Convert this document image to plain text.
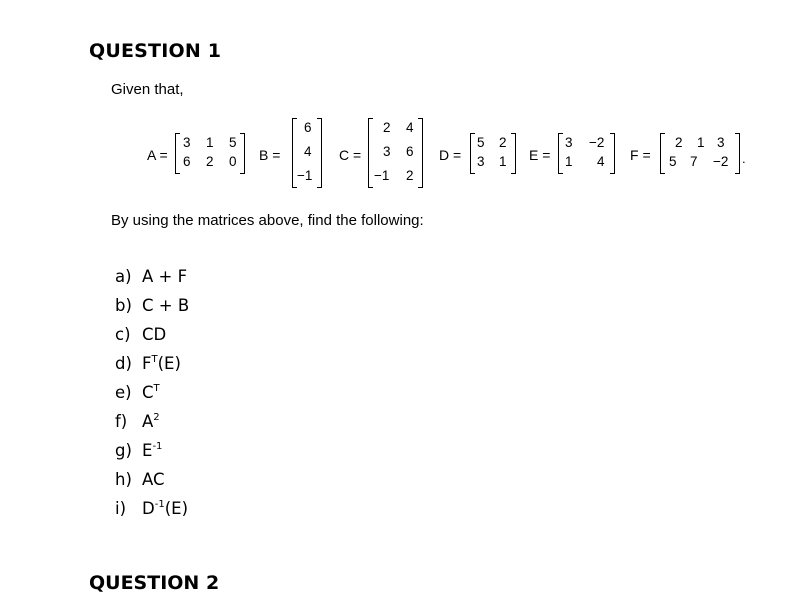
QUESTION 1
Given that,
A =
3 1 5
6 2 0 B =
6
4
−1
C =
2 4
3 6
−1 2
D =
5 2
3 1 E =
3 −2
1 4 F =
2 1 3
5 7 −2 .
By using the matrices above, find the following:
a) A + F
b) C + B
c) CD
d) $F^T(E)$
e) $C^T$
f) $A^2$
g) $E^{-1}$
h) AC
i) $D^{-1}(E)$
QUESTION 2
